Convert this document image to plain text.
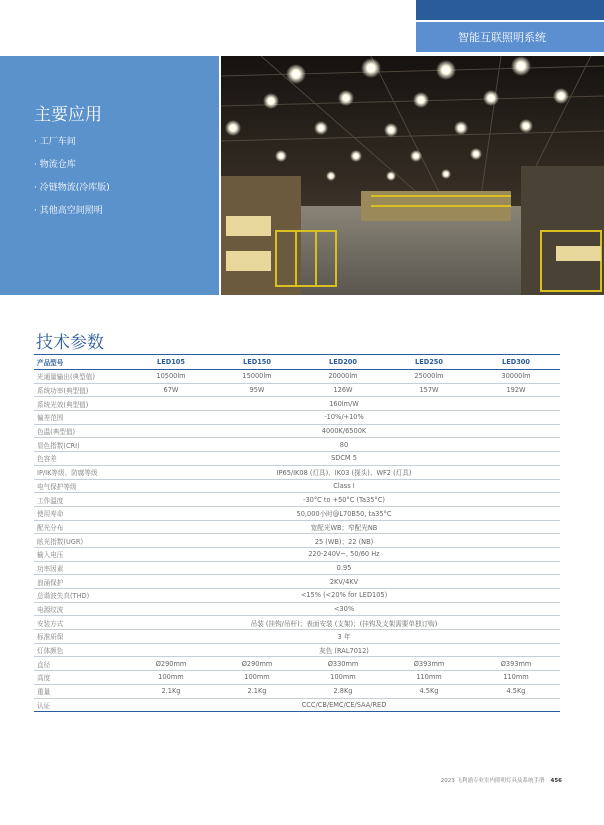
智能互联照明系统
主要应用
· 工厂车间
· 物流仓库
· 冷链物流(冷库版)
· 其他高空间照明
技术参数
产品型号	LED105	LED150	LED200	LED250	LED300
光通量输出(典型值)	10500lm	15000lm	20000lm	25000lm	30000lm
系统功率(典型值)	67W	95W	126W	157W	192W
系统光效(典型值)	160lm/W				
偏差范围	-10%/+10%				
色温(典型值)	4000K/6500K				
显色指数(CRI)	80				
色容差	SDCM 5				
IP/IK等级、防腐等级	IP65/IK08 (灯具)、IK03 (探头)、WF2 (灯具)				
电气保护等级	Class I				
工作温度	-30°C to +50°C (Ta35°C)				
使用寿命	50,000小时@L70B50, ta35°C				
配光分布	宽配光WB；窄配光NB				
眩光指数(UGR)	25 (WB)；22 (NB)				
输入电压	220-240V~, 50/60 Hz				
功率因素	0.95				
浪涌保护	2KV/4KV				
总谐波失真(THD)	<15% (<20% for LED105)				
电源纹波	<30%				
安装方式	吊装 (挂钩/吊杆)；表面安装 (支架)；(挂钩及支架需要单独订购)				
标准质保	3 年				
灯体颜色	灰色 (RAL7012)				
直径	Ø290mm	Ø290mm	Ø330mm	Ø393mm	Ø393mm
高度	100mm	100mm	100mm	110mm	110mm
重量	2.1Kg	2.1Kg	2.8Kg	4.5Kg	4.5Kg
认证	CCC/CB/EMC/CE/SAA/RED				
2023 飞利浦专业室内照明灯具及系统手册 456
